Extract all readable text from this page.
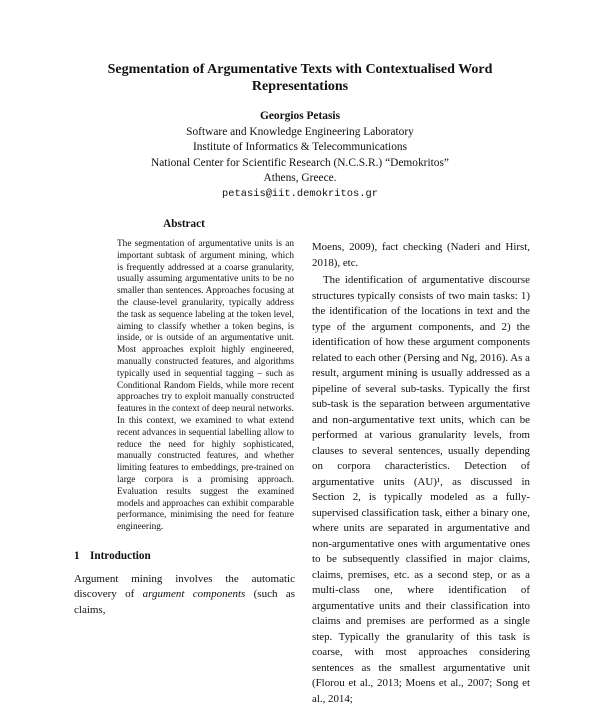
Segmentation of Argumentative Texts with Contextualised Word Representations
Georgios Petasis
Software and Knowledge Engineering Laboratory
Institute of Informatics & Telecommunications
National Center for Scientific Research (N.C.S.R.) “Demokritos”
Athens, Greece.
petasis@iit.demokritos.gr
Abstract

The segmentation of argumentative units is an important subtask of argument mining, which is frequently addressed at a coarse granularity, usually assuming argumentative units to be no smaller than sentences. Approaches focusing at the clause-level granularity, typically address the task as sequence labeling at the token level, aiming to classify whether a token begins, is inside, or is outside of an argumentative unit. Most approaches exploit highly engineered, manually constructed features, and algorithms typically used in sequential tagging – such as Conditional Random Fields, while more recent approaches try to exploit manually constructed features in the context of deep neural networks. In this context, we examined to what extend recent advances in sequential labelling allow to reduce the need for highly sophisticated, manually constructed features, and whether limiting features to embeddings, pre-trained on large corpora is a promising approach. Evaluation results suggest the examined models and approaches can exhibit comparable performance, minimising the need for feature engineering.

1 Introduction

Argument mining involves the automatic discovery of argument components (such as claims,

Moens, 2009), fact checking (Naderi and Hirst, 2018), etc.

The identification of argumentative discourse structures typically consists of two main tasks: 1) the identification of the locations in text and the type of the argument components, and 2) the identification of how these argument components related to each other (Persing and Ng, 2016). As a result, argument mining is usually addressed as a pipeline of several sub-tasks. Typically the first sub-task is the separation between argumentative and non-argumentative text units, which can be performed at various granularity levels, from clauses to several sentences, usually depending on corpora characteristics. Detection of argumentative units (AU)¹, as discussed in Section 2, is typically modeled as a fully-supervised classification task, either a binary one, where units are separated in argumentative and non-argumentative ones with argumentative ones to be subsequently classified in major claims, claims, premises, etc. as a second step, or as a multi-class one, where identification of argumentative units and their classification into claims and premises are performed as a single step. Typically the granularity of this task is coarse, with most approaches considering sentences as the smallest argumentative unit (Florou et al., 2013; Moens et al., 2007; Song et al., 2014;
